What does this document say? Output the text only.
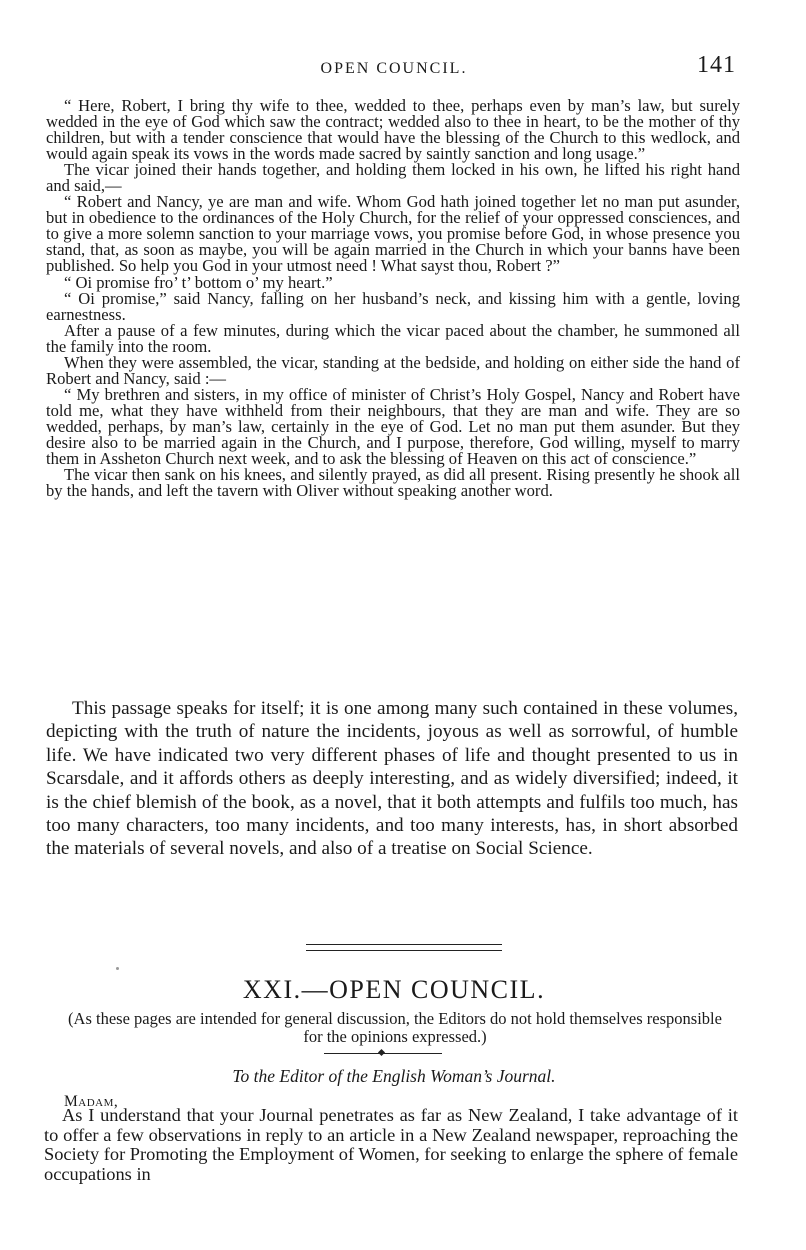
OPEN COUNCIL.	141

“ Here, Robert, I bring thy wife to thee, wedded to thee, perhaps even by man’s law, but surely wedded in the eye of God which saw the contract; wedded also to thee in heart, to be the mother of thy children, but with a tender conscience that would have the blessing of the Church to this wedlock, and would again speak its vows in the words made sacred by saintly sanction and long usage.”

The vicar joined their hands together, and holding them locked in his own, he lifted his right hand and said,—

“ Robert and Nancy, ye are man and wife. Whom God hath joined together let no man put asunder, but in obedience to the ordinances of the Holy Church, for the relief of your oppressed consciences, and to give a more solemn sanction to your marriage vows, you promise before God, in whose presence you stand, that, as soon as maybe, you will be again married in the Church in which your banns have been published. So help you God in your utmost need ! What sayst thou, Robert ?”

“ Oi promise fro’ t’ bottom o’ my heart.”

“ Oi promise,” said Nancy, falling on her husband’s neck, and kissing him with a gentle, loving earnestness.

After a pause of a few minutes, during which the vicar paced about the chamber, he summoned all the family into the room.

When they were assembled, the vicar, standing at the bedside, and holding on either side the hand of Robert and Nancy, said :—

“ My brethren and sisters, in my office of minister of Christ’s Holy Gospel, Nancy and Robert have told me, what they have withheld from their neighbours, that they are man and wife. They are so wedded, perhaps, by man’s law, certainly in the eye of God. Let no man put them asunder. But they desire also to be married again in the Church, and I purpose, therefore, God willing, myself to marry them in Assheton Church next week, and to ask the blessing of Heaven on this act of conscience.”

The vicar then sank on his knees, and silently prayed, as did all present. Rising presently he shook all by the hands, and left the tavern with Oliver without speaking another word.

This passage speaks for itself; it is one among many such contained in these volumes, depicting with the truth of nature the incidents, joyous as well as sorrowful, of humble life. We have indicated two very different phases of life and thought presented to us in Scarsdale, and it affords others as deeply interesting, and as widely diversified; indeed, it is the chief blemish of the book, as a novel, that it both attempts and fulfils too much, has too many characters, too many incidents, and too many interests, has, in short absorbed the materials of several novels, and also of a treatise on Social Science.

XXI.—OPEN COUNCIL.
(As these pages are intended for general discussion, the Editors do not hold themselves responsible for the opinions expressed.)
To the Editor of the English Woman’s Journal.
Madam,

As I understand that your Journal penetrates as far as New Zealand, I take advantage of it to offer a few observations in reply to an article in a New Zealand newspaper, reproaching the Society for Promoting the Employment of Women, for seeking to enlarge the sphere of female occupations in
